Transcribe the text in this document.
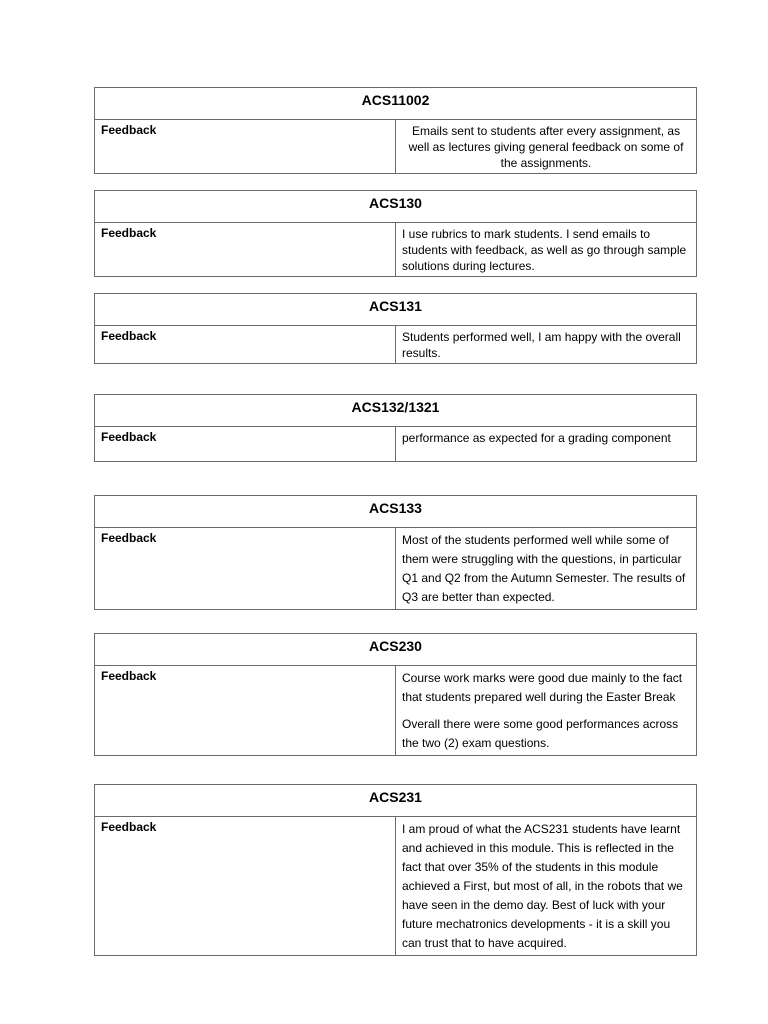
ACS11002
Feedback	Emails sent to students after every assignment, as well as lectures giving general feedback on some of the assignments.

ACS130
Feedback	I use rubrics to mark students. I send emails to students with feedback, as well as go through sample solutions during lectures.

ACS131
Feedback	Students performed well, I am happy with the overall results.

ACS132/1321
Feedback	performance as expected for a grading component

ACS133
Feedback	Most of the students performed well while some of them were struggling with the questions, in particular Q1 and Q2 from the Autumn Semester. The results of Q3 are better than expected.

ACS230
Feedback	Course work marks were good due mainly to the fact that students prepared well during the Easter Break

Overall there were some good performances across the two (2) exam questions.

ACS231
Feedback	I am proud of what the ACS231 students have learnt and achieved in this module. This is reflected in the fact that over 35% of the students in this module achieved a First, but most of all, in the robots that we have seen in the demo day. Best of luck with your future mechatronics developments - it is a skill you can trust that to have acquired.
